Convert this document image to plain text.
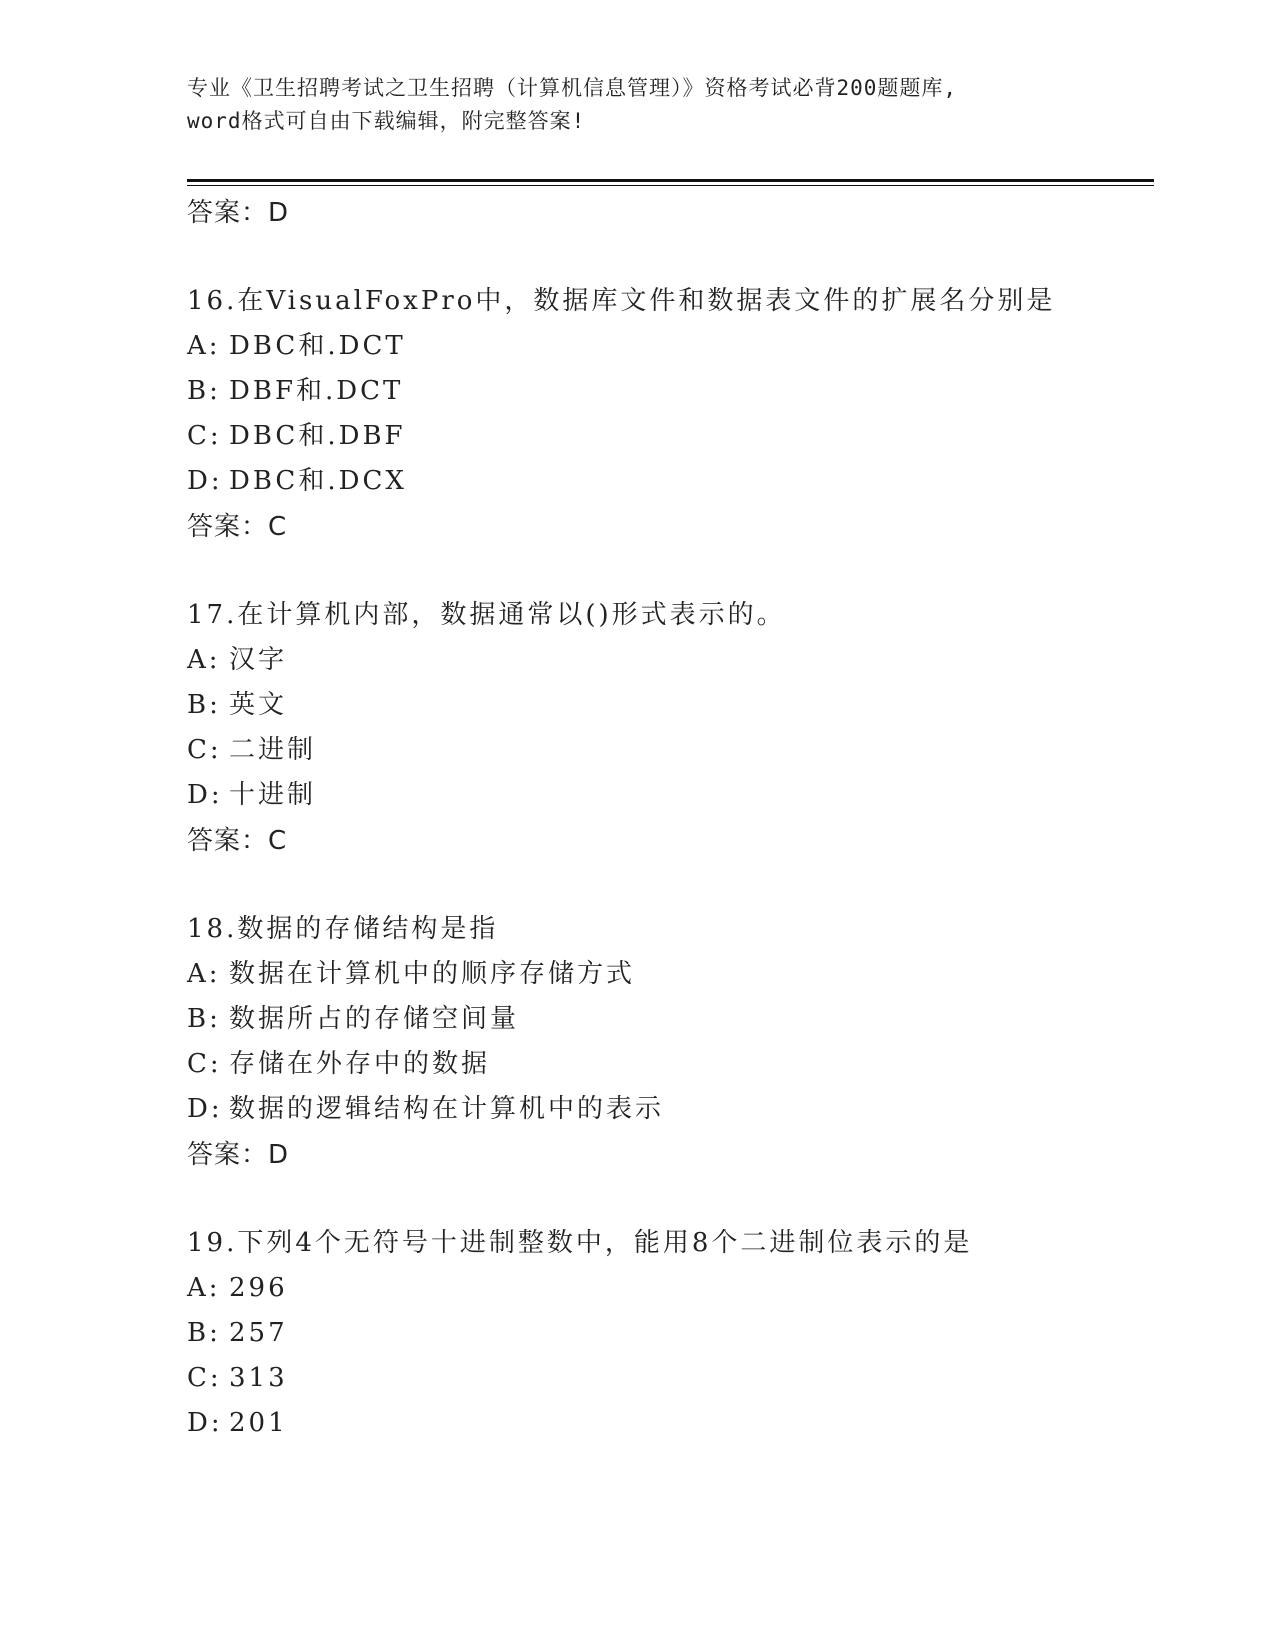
专业《卫生招聘考试之卫生招聘（计算机信息管理）》资格考试必背200题题库,
word格式可自由下载编辑，附完整答案!
答案：D
16.在VisualFoxPro中，数据库文件和数据表文件的扩展名分别是
A: DBC和.DCT
B: DBF和.DCT
C: DBC和.DBF
D: DBC和.DCX
答案：C
17.在计算机内部，数据通常以()形式表示的。
A: 汉字
B: 英文
C: 二进制
D: 十进制
答案：C
18.数据的存储结构是指
A: 数据在计算机中的顺序存储方式
B: 数据所占的存储空间量
C: 存储在外存中的数据
D: 数据的逻辑结构在计算机中的表示
答案：D
19.下列4个无符号十进制整数中，能用8个二进制位表示的是
A: 296
B: 257
C: 313
D: 201
